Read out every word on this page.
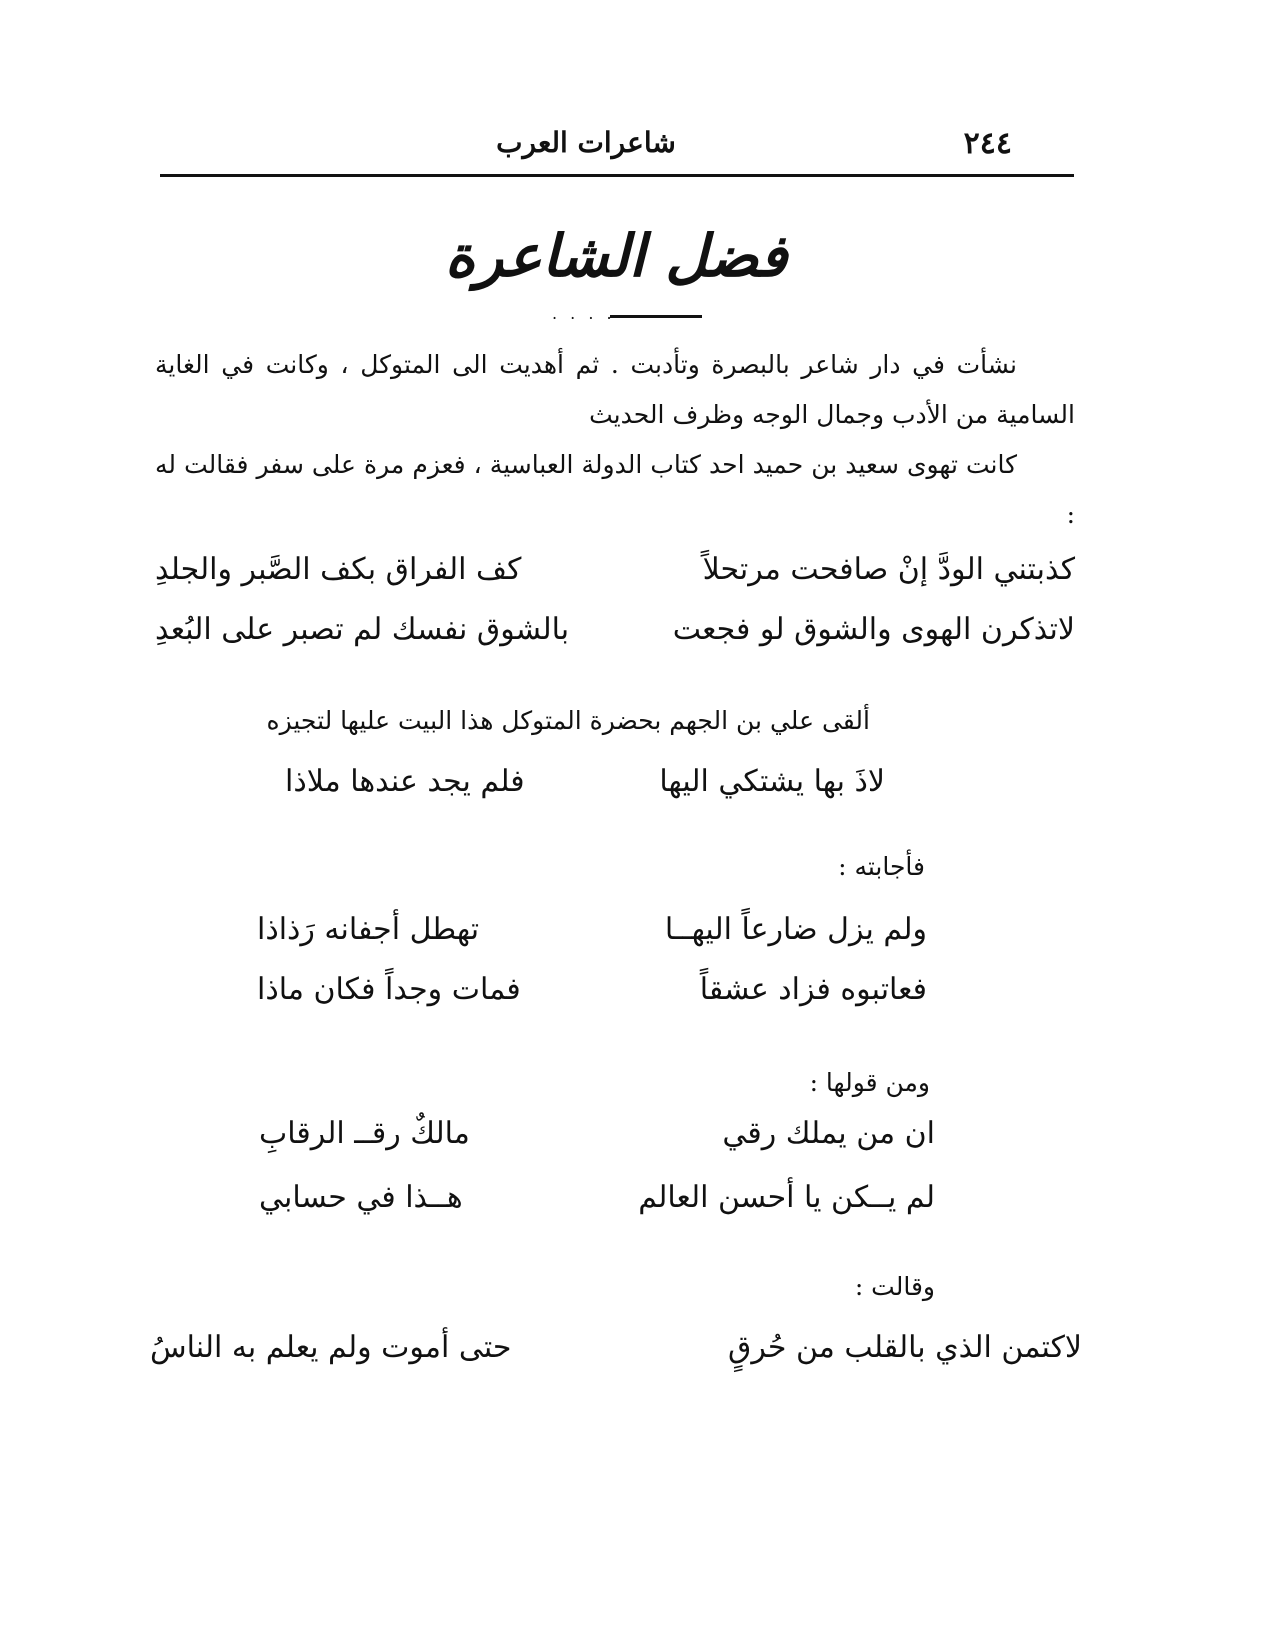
٢٤٤
شاعرات العرب
فضل الشاعرة
. . . .

نشأت في دار شاعر بالبصرة وتأدبت . ثم أهديت الى المتوكل ، وكانت في الغاية السامية من الأدب وجمال الوجه وظرف الحديث

كانت تهوى سعيد بن حميد احد كتاب الدولة العباسية ، فعزم مرة على سفر فقالت له :

كذبتني الودَّ إنْ صافحت مرتحلاً
كف الفراق بكف الصَّبر والجلدِ
لاتذكرن الهوى والشوق لو فجعت
بالشوق نفسك لم تصبر على البُعدِ
ألقى علي بن الجهم بحضرة المتوكل هذا البيت عليها لتجيزه
لاذَ بها يشتكي اليها
فلم يجد عندها ملاذا
فأجابته :
ولم يزل ضارعاً اليهــا
تهطل أجفانه رَذاذا
فعاتبوه فزاد عشقاً
فمات وجداً فكان ماذا
ومن قولها :
ان من يملك رقي
مالكٌ رقــ الرقابِ
لم يــكن يا أحسن العالم
هــذا في حسابي
وقالت :
لاكتمن الذي بالقلب من حُرقٍ
حتى أموت ولم يعلم به الناسُ
